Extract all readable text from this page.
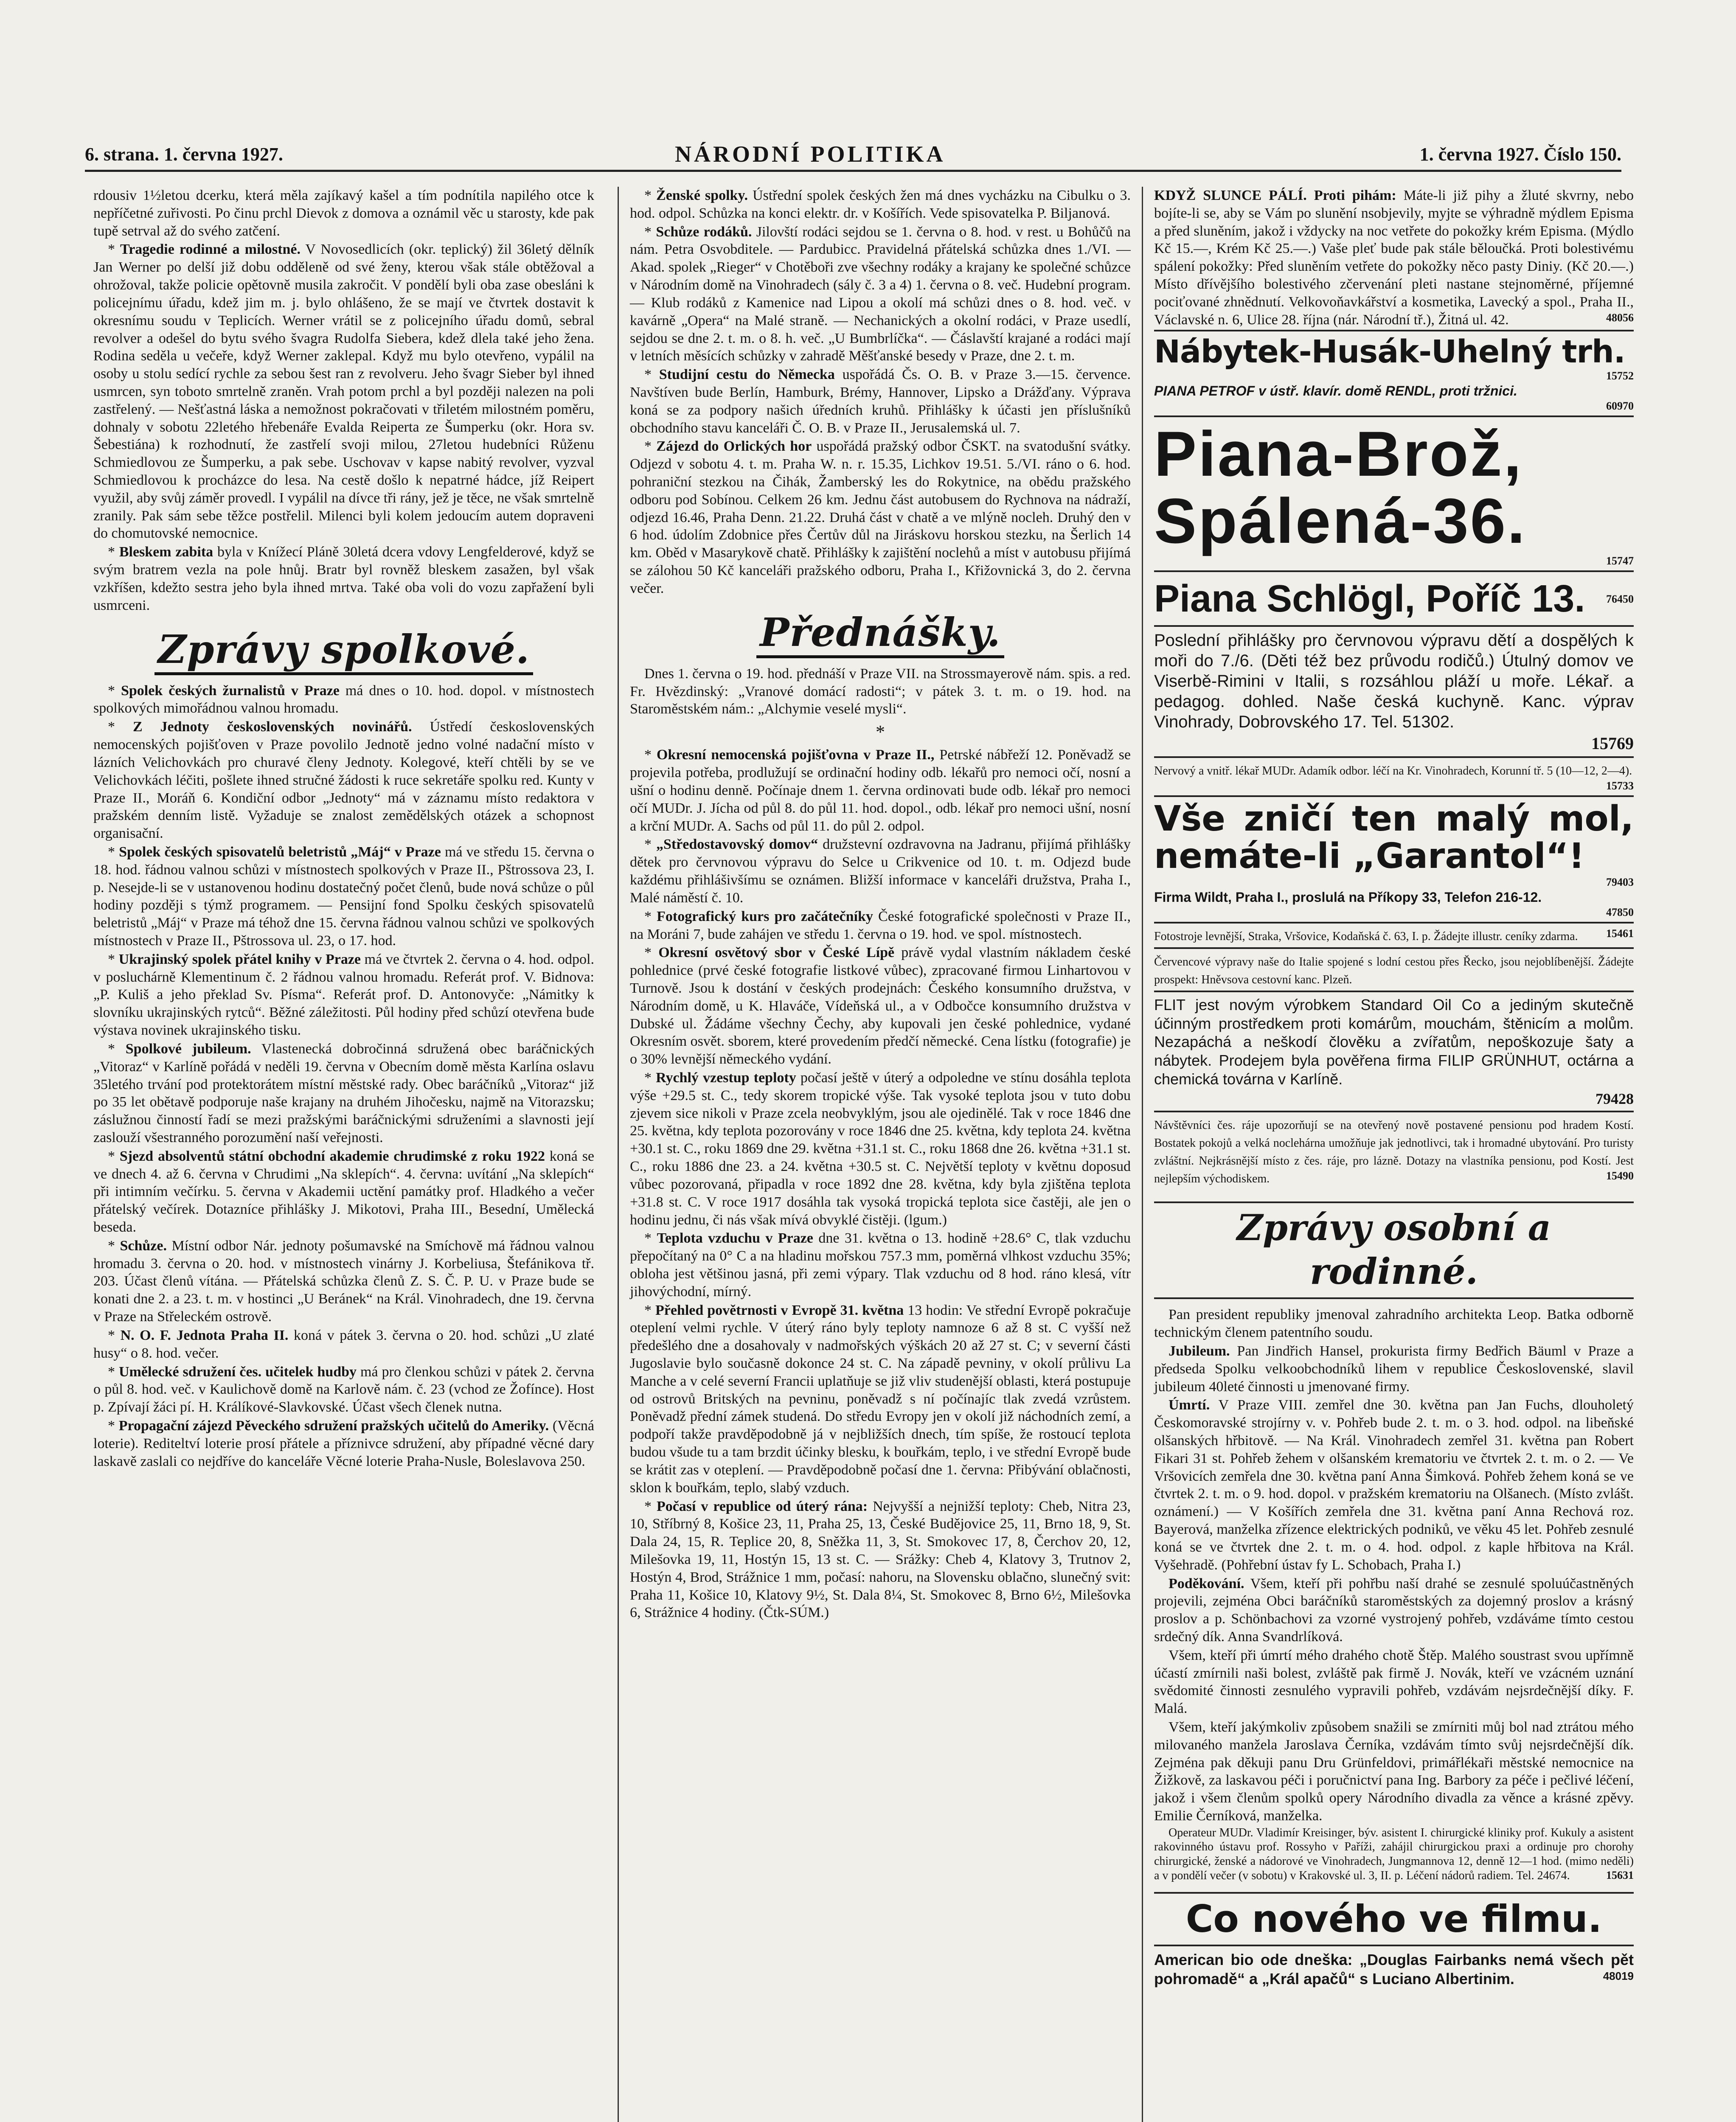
6. strana. 1. června 1927.	NÁRODNÍ POLITIKA	1. června 1927. Číslo 150.

rdousiv 1½letou dcerku, která měla zajíkavý kašel a tím podnítila napilého otce k nepříčetné zuřivosti. Po činu prchl Dievok z domova a oznámil věc u starosty, kde pak tupě setrval až do svého zatčení.

* Tragedie rodinné a milostné. V Novosedlicích (okr. teplický) žil 36letý dělník Jan Werner po delší již dobu odděleně od své ženy, kterou však stále obtěžoval a ohrožoval, takže policie opětovně musila zakročit. V pondělí byli oba zase obesláni k policejnímu úřadu, kdež jim m. j. bylo ohlášeno, že se mají ve čtvrtek dostavit k okresnímu soudu v Teplicích. Werner vrátil se z policejního úřadu domů, sebral revolver a odešel do bytu svého švagra Rudolfa Siebera, kdež dlela také jeho žena. Rodina seděla u večeře, když Werner zaklepal. Když mu bylo otevřeno, vypálil na osoby u stolu sedící rychle za sebou šest ran z revolveru. Jeho švagr Sieber byl ihned usmrcen, syn toboto smrtelně zraněn. Vrah potom prchl a byl později nalezen na poli zastřelený. — Nešťastná láska a nemožnost pokračovati v třiletém milostném poměru, dohnaly v sobotu 22letého hřebenáře Evalda Reiperta ze Šumperku (okr. Hora sv. Šebestiána) k rozhodnutí, že zastřelí svoji milou, 27letou hudebníci Růženu Schmiedlovou ze Šumperku, a pak sebe. Uschovav v kapse nabitý revolver, vyzval Schmiedlovou k procházce do lesa. Na cestě došlo k nepatrné hádce, jíž Reipert využil, aby svůj záměr provedl. I vypálil na dívce tři rány, jež je těce, ne však smrtelně zranily. Pak sám sebe těžce postřelil. Milenci byli kolem jedoucím autem dopraveni do chomutovské nemocnice.

* Bleskem zabita byla v Knížecí Pláně 30letá dcera vdovy Lengfelderové, když se svým bratrem vezla na pole hnůj. Bratr byl rovněž bleskem zasažen, byl však vzkříšen, kdežto sestra jeho byla ihned mrtva. Také oba voli do vozu zapřažení byli usmrceni.

Zprávy spolkové.

* Spolek českých žurnalistů v Praze má dnes o 10. hod. dopol. v místnostech spolkových mimořádnou valnou hromadu.

* Z Jednoty československých novinářů. Ústředí československých nemocenských pojišťoven v Praze povolilo Jednotě jedno volné nadační místo v lázních Velichovkách pro churavé členy Jednoty. Kolegové, kteří chtěli by se ve Velichovkách léčiti, pošlete ihned stručné žádosti k ruce sekretáře spolku red. Kunty v Praze II., Moráň 6. Kondiční odbor „Jednoty“ má v záznamu místo redaktora v pražském denním listě. Vyžaduje se znalost zemědělských otázek a schopnost organisační.

* Spolek českých spisovatelů beletristů „Máj“ v Praze má ve středu 15. června o 18. hod. řádnou valnou schůzi v místnostech spolkových v Praze II., Pštrossova 23, I. p. Nesejde-li se v ustanovenou hodinu dostatečný počet členů, bude nová schůze o půl hodiny později s týmž programem. — Pensijní fond Spolku českých spisovatelů beletristů „Máj“ v Praze má téhož dne 15. června řádnou valnou schůzi ve spolkových místnostech v Praze II., Pštrossova ul. 23, o 17. hod.

* Ukrajinský spolek přátel knihy v Praze má ve čtvrtek 2. června o 4. hod. odpol. v posluchárně Klementinum č. 2 řádnou valnou hromadu. Referát prof. V. Bidnova: „P. Kuliš a jeho překlad Sv. Písma“. Referát prof. D. Antonovyče: „Námitky k slovníku ukrajinských rytců“. Běžné záležitosti. Půl hodiny před schůzí otevřena bude výstava novinek ukrajinského tisku.

* Spolkové jubileum. Vlastenecká dobročinná sdružená obec baráčnických „Vitoraz“ v Karlíně pořádá v neděli 19. června v Obecním domě města Karlína oslavu 35letého trvání pod protektorátem místní městské rady. Obec baráčníků „Vitoraz“ již po 35 let obětavě podporuje naše krajany na druhém Jihočesku, najmě na Vitorazsku; záslužnou činností řadí se mezi pražskými baráčnickými sdruženími a slavnosti její zaslouží všestranného porozumění naší veřejnosti.

* Sjezd absolventů státní obchodní akademie chrudimské z roku 1922 koná se ve dnech 4. až 6. června v Chrudimi „Na sklepích“. 4. června: uvítání „Na sklepích“ při intimním večírku. 5. června v Akademii uctění památky prof. Hladkého a večer přátelský večírek. Dotazníce přihlášky J. Mikotovi, Praha III., Besední, Umělecká beseda.

* Schůze. Místní odbor Nár. jednoty pošumavské na Smíchově má řádnou valnou hromadu 3. června o 20. hod. v místnostech vinárny J. Korbeliusa, Štefánikova tř. 203. Účast členů vítána. — Přátelská schůzka členů Z. S. Č. P. U. v Praze bude se konati dne 2. a 23. t. m. v hostinci „U Beránek“ na Král. Vinohradech, dne 19. června v Praze na Střeleckém ostrově.

* N. O. F. Jednota Praha II. koná v pátek 3. června o 20. hod. schůzi „U zlaté husy“ o 8. hod. večer.

* Umělecké sdružení čes. učitelek hudby má pro členkou schůzi v pátek 2. června o půl 8. hod. več. v Kaulichově domě na Karlově nám. č. 23 (vchod ze Žofínce). Host p. Zpívají žáci pí. H. Králíkové-Slavkovské. Účast všech členek nutna.

* Propagační zájezd Pěveckého sdružení pražských učitelů do Ameriky. (Věcná loterie). Rediteltví loterie prosí přátele a příznivce sdružení, aby případné věcné dary laskavě zaslali co nejdříve do kanceláře Věcné loterie Praha-Nusle, Boleslavova 250.

* Ženské spolky. Ústřední spolek českých žen má dnes vycházku na Cibulku o 3. hod. odpol. Schůzka na konci elektr. dr. v Košířích. Vede spisovatelka P. Biljanová.

* Schůze rodáků. Jilovští rodáci sejdou se 1. června o 8. hod. v rest. u Bohůčů na nám. Petra Osvobditele. — Pardubicc. Pravidelná přátelská schůzka dnes 1./VI. — Akad. spolek „Rieger“ v Chotěboři zve všechny rodáky a krajany ke společné schůzce v Národním domě na Vinohradech (sály č. 3 a 4) 1. června o 8. več. Hudební program. — Klub rodáků z Kamenice nad Lipou a okolí má schůzi dnes o 8. hod. več. v kavárně „Opera“ na Malé straně. — Nechanických a okolní rodáci, v Praze usedlí, sejdou se dne 2. t. m. o 8. h. več. „U Bumbrlíčka“. — Čáslavští krajané a rodáci mají v letních měsících schůzky v zahradě Měšťanské besedy v Praze, dne 2. t. m.

* Studijní cestu do Německa uspořádá Čs. O. B. v Praze 3.—15. července. Navštíven bude Berlín, Hamburk, Brémy, Hannover, Lipsko a Drážďany. Výprava koná se za podpory našich úředních kruhů. Přihlášky k účasti jen příslušníků obchodního stavu kanceláři Č. O. B. v Praze II., Jerusalemská ul. 7.

* Zájezd do Orlických hor uspořádá pražský odbor ČSKT. na svatodušní svátky. Odjezd v sobotu 4. t. m. Praha W. n. r. 15.35, Lichkov 19.51. 5./VI. ráno o 6. hod. pohraniční stezkou na Čihák, Žamberský les do Rokytnice, na obědu pražského odboru pod Sobínou. Celkem 26 km. Jednu část autobusem do Rychnova na nádraží, odjezd 16.46, Praha Denn. 21.22. Druhá část v chatě a ve mlýně nocleh. Druhý den v 6 hod. údolím Zdobnice přes Čertův důl na Jiráskovu horskou stezku, na Šerlich 14 km. Oběd v Masarykově chatě. Přihlášky k zajištění noclehů a míst v autobusu přijímá se zálohou 50 Kč kanceláři pražského odboru, Praha I., Křižovnická 3, do 2. června večer.

Přednášky.

Dnes 1. června o 19. hod. přednáší v Praze VII. na Strossmayerově nám. spis. a red. Fr. Hvězdinský: „Vranové domácí radosti“; v pátek 3. t. m. o 19. hod. na Staroměstském nám.: „Alchymie veselé mysli“.

*

* Okresní nemocenská pojišťovna v Praze II., Petrské nábřeží 12. Poněvadž se projevila potřeba, prodlužují se ordinační hodiny odb. lékařů pro nemoci očí, nosní a ušní o hodinu denně. Počínaje dnem 1. června ordinovati bude odb. lékař pro nemoci očí MUDr. J. Jícha od půl 8. do půl 11. hod. dopol., odb. lékař pro nemoci ušní, nosní a krční MUDr. A. Sachs od půl 11. do půl 2. odpol.

* „Středostavovský domov“ družstevní ozdravovna na Jadranu, přijímá přihlášky dětek pro červnovou výpravu do Selce u Crikvenice od 10. t. m. Odjezd bude každému přihlášivšímu se oznámen. Bližší informace v kanceláři družstva, Praha I., Malé náměstí č. 10.

* Fotografický kurs pro začátečníky České fotografické společnosti v Praze II., na Moráni 7, bude zahájen ve středu 1. června o 19. hod. ve spol. místnostech.

* Okresní osvětový sbor v České Lípě právě vydal vlastním nákladem české pohlednice (prvé české fotografie listkové vůbec), zpracované firmou Linhartovou v Turnově. Jsou k dostání v českých prodejnách: Českého konsumního družstva, v Národním domě, u K. Hlaváče, Vídeňská ul., a v Odbočce konsumního družstva v Dubské ul. Žádáme všechny Čechy, aby kupovali jen české pohlednice, vydané Okresním osvět. sborem, které provedením předčí německé. Cena lístku (fotografie) je o 30% levnější německého vydání.

* Rychlý vzestup teploty počasí ještě v úterý a odpoledne ve stínu dosáhla teplota výše +29.5 st. C., tedy skorem tropické výše. Tak vysoké teplota jsou v tuto dobu zjevem sice nikoli v Praze zcela neobvyklým, jsou ale ojedinělé. Tak v roce 1846 dne 25. května, kdy teplota pozorovány v roce 1846 dne 25. května, kdy teplota 24. května +30.1 st. C., roku 1869 dne 29. května +31.1 st. C., roku 1868 dne 26. května +31.1 st. C., roku 1886 dne 23. a 24. května +30.5 st. C. Největší teploty v květnu doposud vůbec pozorovaná, připadla v roce 1892 dne 28. května, kdy byla zjištěna teplota +31.8 st. C. V roce 1917 dosáhla tak vysoká tropická teplota sice častěji, ale jen o hodinu jednu, či nás však mívá obvyklé čistěji. (lgum.)

* Teplota vzduchu v Praze dne 31. května o 13. hodině +28.6° C, tlak vzduchu přepočítaný na 0° C a na hladinu mořskou 757.3 mm, poměrná vlhkost vzduchu 35%; obloha jest většinou jasná, při zemi výpary. Tlak vzduchu od 8 hod. ráno klesá, vítr jihovýchodní, mírný.

* Přehled povětrnosti v Evropě 31. května 13 hodin: Ve střední Evropě pokračuje oteplení velmi rychle. V úterý ráno byly teploty namnoze 6 až 8 st. C vyšší než předešlého dne a dosahovaly v nadmořských výškách 20 až 27 st. C; v severní části Jugoslavie bylo současně dokonce 24 st. C. Na západě pevniny, v okolí průlivu La Manche a v celé severní Francii uplatňuje se již vliv studenější oblasti, která postupuje od ostrovů Britských na pevninu, poněvadž s ní počínajíc tlak zvedá vzrůstem. Poněvadž přední zámek studená. Do středu Evropy jen v okolí již náchodních zemí, a podpoří takže pravděpodobně já v nejbližších dnech, tím spíše, že rostoucí teplota budou všude tu a tam brzdit účinky blesku, k bouřkám, teplo, i ve střední Evropě bude se krátit zas v oteplení. — Pravděpodobně počasí dne 1. června: Přibývání oblačnosti, sklon k bouřkám, teplo, slabý vzduch.

* Počasí v republice od úterý rána: Nejvyšší a nejnižší teploty: Cheb, Nitra 23, 10, Stříbrný 8, Košice 23, 11, Praha 25, 13, České Budějovice 25, 11, Brno 18, 9, St. Dala 24, 15, R. Teplice 20, 8, Sněžka 11, 3, St. Smokovec 17, 8, Čerchov 20, 12, Milešovka 19, 11, Hostýn 15, 13 st. C. — Srážky: Cheb 4, Klatovy 3, Trutnov 2, Hostýn 4, Brod, Strážnice 1 mm, počasí: nahoru, na Slovensku oblačno, slunečný svit: Praha 11, Košice 10, Klatovy 9½, St. Dala 8¼, St. Smokovec 8, Brno 6½, Milešovka 6, Strážnice 4 hodiny. (Čtk-SÚM.)

KDYŽ SLUNCE PÁLÍ. Proti pihám: Máte-li již pihy a žluté skvrny, nebo bojíte-li se, aby se Vám po slunění nsobjevily, myjte se výhradně mýdlem Episma a před sluněním, jakož i vždycky na noc vetřete do pokožky krém Episma. (Mýdlo Kč 15.—, Krém Kč 25.—.) Vaše pleť bude pak stále běloučká. Proti bolestivému spálení pokožky: Před sluněním vetřete do pokožky něco pasty Diniy. (Kč 20.—.) Místo dřívějšího bolestivého zčervenání pleti nastane stejnoměrné, příjemné pociťované zhnědnutí. Velkovoňavkářství a kosmetika, Lavecký a spol., Praha II., Václavské n. 6, Ulice 28. října (nár. Národní tř.), Žitná ul. 42.	48056

Nábytek-Husák-Uhelný trh.
15752
PIANA PETROF v ústř. klavír. domě RENDL, proti tržnici.
60970
Piana-Brož,
Spálená-36.
15747
Piana Schlögl, Poříč 13. 76450

Poslední přihlášky pro červnovou výpravu dětí a dospělých k moři do 7./6. (Děti též bez průvodu rodičů.) Útulný domov ve Viserbě-Rimini v Italii, s rozsáhlou pláží u moře. Lékař. a pedagog. dohled. Naše česká kuchyně. Kanc. výprav Vinohrady, Dobrovského 17. Tel. 51302.

15769
Nervový a vnitř. lékař MUDr. Adamík odbor. léčí na Kr. Vinohradech, Korunní tř. 5 (10—12, 2—4).
15733
Vše zničí ten malý mol, nemáte-li „Garantol“!
79403
Firma Wildt, Praha I., proslulá na Příkopy 33, Telefon 216-12.
47850
Fotostroje levnější, Straka, Vršovice, Kodaňská č. 63, I. p. Žádejte illustr. ceníky zdarma.	15461
Červencové výpravy naše do Italie spojené s lodní cestou přes Řecko, jsou nejoblíbenější. Žádejte prospekt: Hněvsova cestovní kanc. Plzeň.

FLIT jest novým výrobkem Standard Oil Co a jediným skutečně účinným prostředkem proti komárům, mouchám, štěnicím a molům. Nezapáchá a neškodí člověku a zvířatům, nepoškozuje šaty a nábytek. Prodejem byla pověřena firma FILIP GRÜNHUT, octárna a chemická továrna v Karlíně.

79428
Návštěvníci čes. ráje upozorňují se na otevřený nově postavené pensionu pod hradem Kostí. Bostatek pokojů a velká noclehárna umožňuje jak jednotlivci, tak i hromadné ubytování. Pro turisty zvláštní. Nejkrásnější místo z čes. ráje, pro lázně. Dotazy na vlastníka pensionu, pod Kostí. Jest nejlepším východiskem.	15490
Zprávy osobní a rodinné.

Pan president republiky jmenoval zahradního architekta Leop. Batka odborně technickým členem patentního soudu.

Jubileum. Pan Jindřich Hansel, prokurista firmy Bedřich Bäuml v Praze a předseda Spolku velkoobchodníků lihem v republice Československé, slavil jubileum 40leté činnosti u jmenované firmy.

Úmrtí. V Praze VIII. zemřel dne 30. května pan Jan Fuchs, dlouholetý Českomoravské strojírny v. v. Pohřeb bude 2. t. m. o 3. hod. odpol. na libeňské olšanských hřbitově. — Na Král. Vinohradech zemřel 31. května pan Robert Fikari 31 st. Pohřeb žehem v olšanském krematoriu ve čtvrtek 2. t. m. o 2. — Ve Vršovicích zemřela dne 30. května paní Anna Šimková. Pohřeb žehem koná se ve čtvrtek 2. t. m. o 9. hod. dopol. v pražském krematoriu na Olšanech. (Místo zvlášt. oznámení.) — V Košířích zemřela dne 31. května paní Anna Rechová roz. Bayerová, manželka zřízence elektrických podniků, ve věku 45 let. Pohřeb zesnulé koná se ve čtvrtek dne 2. t. m. o 4. hod. odpol. z kaple hřbitova na Král. Vyšehradě. (Pohřební ústav fy L. Schobach, Praha I.)

Poděkování. Všem, kteří při pohřbu naší drahé se zesnulé spoluúčastněných projevili, zejména Obci baráčníků staroměstských za dojemný proslov a krásný proslov a p. Schönbachovi za vzorné vystrojený pohřeb, vzdáváme tímto cestou srdečný dík. Anna Svandrlíková.

Všem, kteří při úmrtí mého drahého chotě Štěp. Malého soustrast svou upřímně účastí zmírnili naši bolest, zvláště pak firmě J. Novák, kteří ve vzácném uznání svědomité činnosti zesnulého vypravili pohřeb, vzdávám nejsrdečnější díky. F. Malá.

Všem, kteří jakýmkoliv způsobem snažili se zmírniti můj bol nad ztrátou mého milovaného manžela Jaroslava Černíka, vzdávám tímto svůj nejsrdečnější dík. Zejména pak děkuji panu Dru Grünfeldovi, primářlékaři městské nemocnice na Žižkově, za laskavou péči i poručnictví pana Ing. Barbory za péče i pečlivé léčení, jakož i všem členům spolků opery Národního divadla za věnce a krásné zpěvy. Emilie Černíková, manželka.

Operateur MUDr. Vladimír Kreisinger, býv. asistent I. chirurgické kliniky prof. Kukuly a asistent rakovinného ústavu prof. Rossyho v Paříži, zahájil chirurgickou praxi a ordinuje pro chorohy chirurgické, ženské a nádorové ve Vinohradech, Jungmannova 12, denně 12—1 hod. (mimo neděli) a v pondělí večer (v sobotu) v Krakovské ul. 3, II. p. Léčení nádorů radiem. Tel. 24674.	15631

Co nového ve filmu.

American bio ode dneška: „Douglas Fairbanks nemá všech pět pohromadě“ a „Král apačů“ s Luciano Albertinim.	48019
